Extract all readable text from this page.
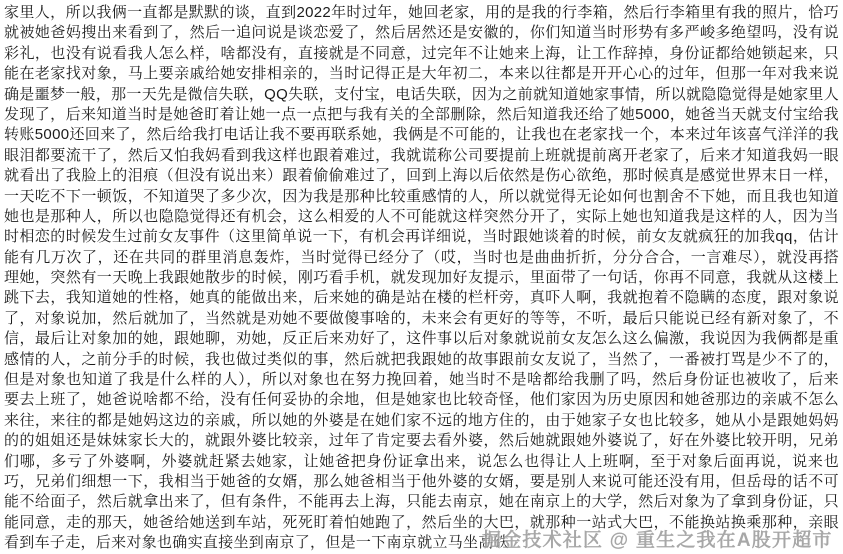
家里人，所以我俩一直都是默默的谈，直到2022年时过年，她回老家，用的是我的行李箱，然后行李箱里有我的照片，恰巧
就被她爸妈搜出来看到了，然后一追问说是谈恋爱了，然后居然还是安徽的，你们知道当时形势有多严峻多绝望吗，没有说
彩礼，也没有说看我人怎么样，啥都没有，直接就是不同意，过完年不让她来上海，让工作辞掉，身份证都给她锁起来，只
能在老家找对象，马上要亲戚给她安排相亲的，当时记得正是大年初二，本来以往都是开开心心的过年，但那一年对我来说
确是噩梦一般，那一天先是微信失联，QQ失联，支付宝，电话失联，因为之前就知道她家事情，所以就隐隐觉得是她家里人
发现了，后来知道当时是她爸盯着让她一点一点把与我有关的全部删除，然后知道我还给了她5000，她爸当天就支付宝给我
转账5000还回来了，然后给我打电话让我不要再联系她，我俩是不可能的，让我也在老家找一个，本来过年该喜气洋洋的我
眼泪都要流干了，然后又怕我妈看到我这样也跟着难过，我就谎称公司要提前上班就提前离开老家了，后来才知道我妈一眼
就看出了我脸上的泪痕（但没有说出来）跟着偷偷难过了，回到上海以后依然是伤心欲绝，那时候真是感觉世界末日一样，
一天吃不下一顿饭，不知道哭了多少次，因为我是那种比较重感情的人，所以就觉得无论如何也割舍不下她，而且我也知道
她也是那种人，所以也隐隐觉得还有机会，这么相爱的人不可能就这样突然分开了，实际上她也知道我是这样的人，因为当
时相恋的时候发生过前女友事件（这里简单说一下，有机会再详细说，当时跟她谈着的时候，前女友就疯狂的加我qq，估计
能有几万次了，还在共同的群里消息轰炸，当时觉得已经分了（哎，当时也是曲曲折折，分分合合，一言难尽），就没再搭
理她，突然有一天晚上我跟她散步的时候，刚巧看手机，就发现加好友提示，里面带了一句话，你再不同意，我就从这楼上
跳下去，我知道她的性格，她真的能做出来，后来她的确是站在楼的栏杆旁，真吓人啊，我就抱着不隐瞒的态度，跟对象说
了，对象说加，然后就加了，当然就是劝她不要做傻事啥的，未来会有更好的等等，不听，最后只能说已经有新对象了，不
信，最后让对象加的她，跟她聊，劝她，反正后来劝好了，这件事以后对象就说前女友怎么这么偏激，我说因为我俩都是重
感情的人，之前分手的时候，我也做过类似的事，然后就把我跟她的故事跟前女友说了，当然了，一番被打骂是少不了的，
但是对象也知道了我是什么样的人），所以对象也在努力挽回着，她当时不是啥都给我删了吗，然后身份证也被收了，后来
要去上班了，她爸说啥都不给，没有任何妥协的余地，但是她家也比较奇怪，他们家因为历史原因和她爸那边的亲戚不怎么
来往，来往的都是她妈这边的亲戚，所以她的外婆是在她们家不远的地方住的，由于她家子女也比较多，她从小是跟她妈妈
的的姐姐还是妹妹家长大的，就跟外婆比较亲，过年了肯定要去看外婆，然后她就跟她外婆说了，好在外婆比较开明，兄弟
们哪，多亏了外婆啊，外婆就赶紧去她家，让她爸把身份证拿出来，说怎么也得让人上班啊，至于对象后面再说，说来也
巧，兄弟们细想一下，我相当于她爸的女婿，那么她爸相当于他外婆的女婿，要是别人来说可能还没有用，但岳母的话不可
能不给面子，然后就拿出来了，但有条件，不能再去上海，只能去南京，她在南京上的大学，然后对象为了拿到身份证，只
能同意，走的那天，她爸给她送到车站，死死盯着怕她跑了，然后坐的大巴，就那种一站式大巴，不能换站换乘那种，亲眼
看到车子走，后来对象也确实直接坐到南京了，但是一下南京就立马坐高铁
掘金技术社区 @ 重生之我在A股开超市
